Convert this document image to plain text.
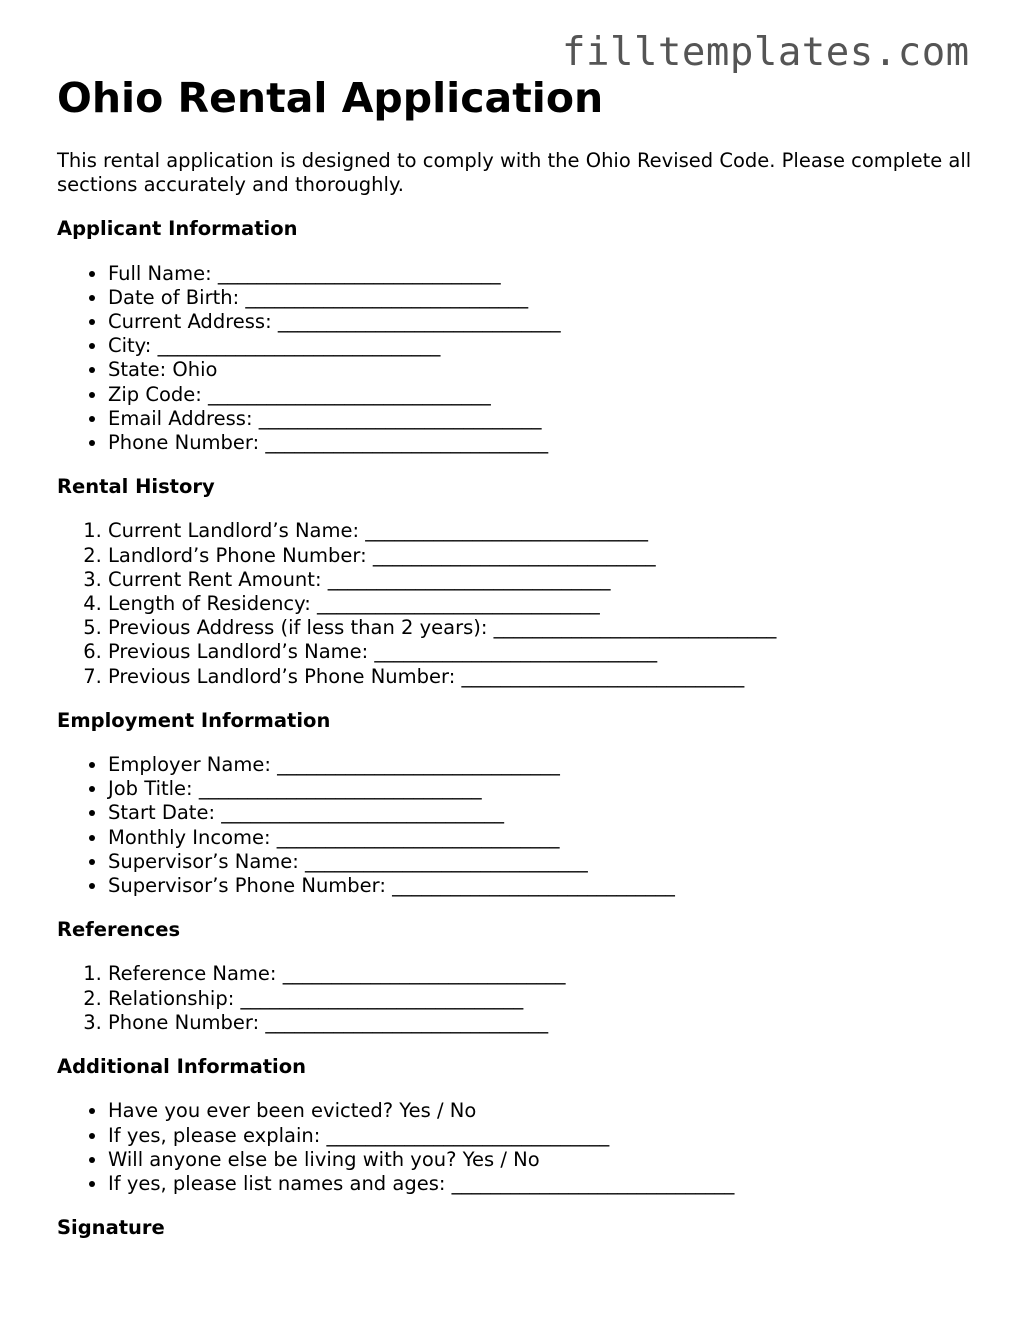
filltemplates.com
Ohio Rental Application

This rental application is designed to comply with the Ohio Revised Code. Please complete all sections accurately and thoroughly.

Applicant Information
• Full Name: _____________________________
• Date of Birth: _____________________________
• Current Address: _____________________________
• City: _____________________________
• State: Ohio
• Zip Code: _____________________________
• Email Address: _____________________________
• Phone Number: _____________________________
Rental History
1. Current Landlord’s Name: _____________________________
2. Landlord’s Phone Number: _____________________________
3. Current Rent Amount: _____________________________
4. Length of Residency: _____________________________
5. Previous Address (if less than 2 years): _____________________________
6. Previous Landlord’s Name: _____________________________
7. Previous Landlord’s Phone Number: _____________________________
Employment Information
• Employer Name: _____________________________
• Job Title: _____________________________
• Start Date: _____________________________
• Monthly Income: _____________________________
• Supervisor’s Name: _____________________________
• Supervisor’s Phone Number: _____________________________
References
1. Reference Name: _____________________________
2. Relationship: _____________________________
3. Phone Number: _____________________________
Additional Information
• Have you ever been evicted? Yes / No
• If yes, please explain: _____________________________
• Will anyone else be living with you? Yes / No
• If yes, please list names and ages: _____________________________
Signature
